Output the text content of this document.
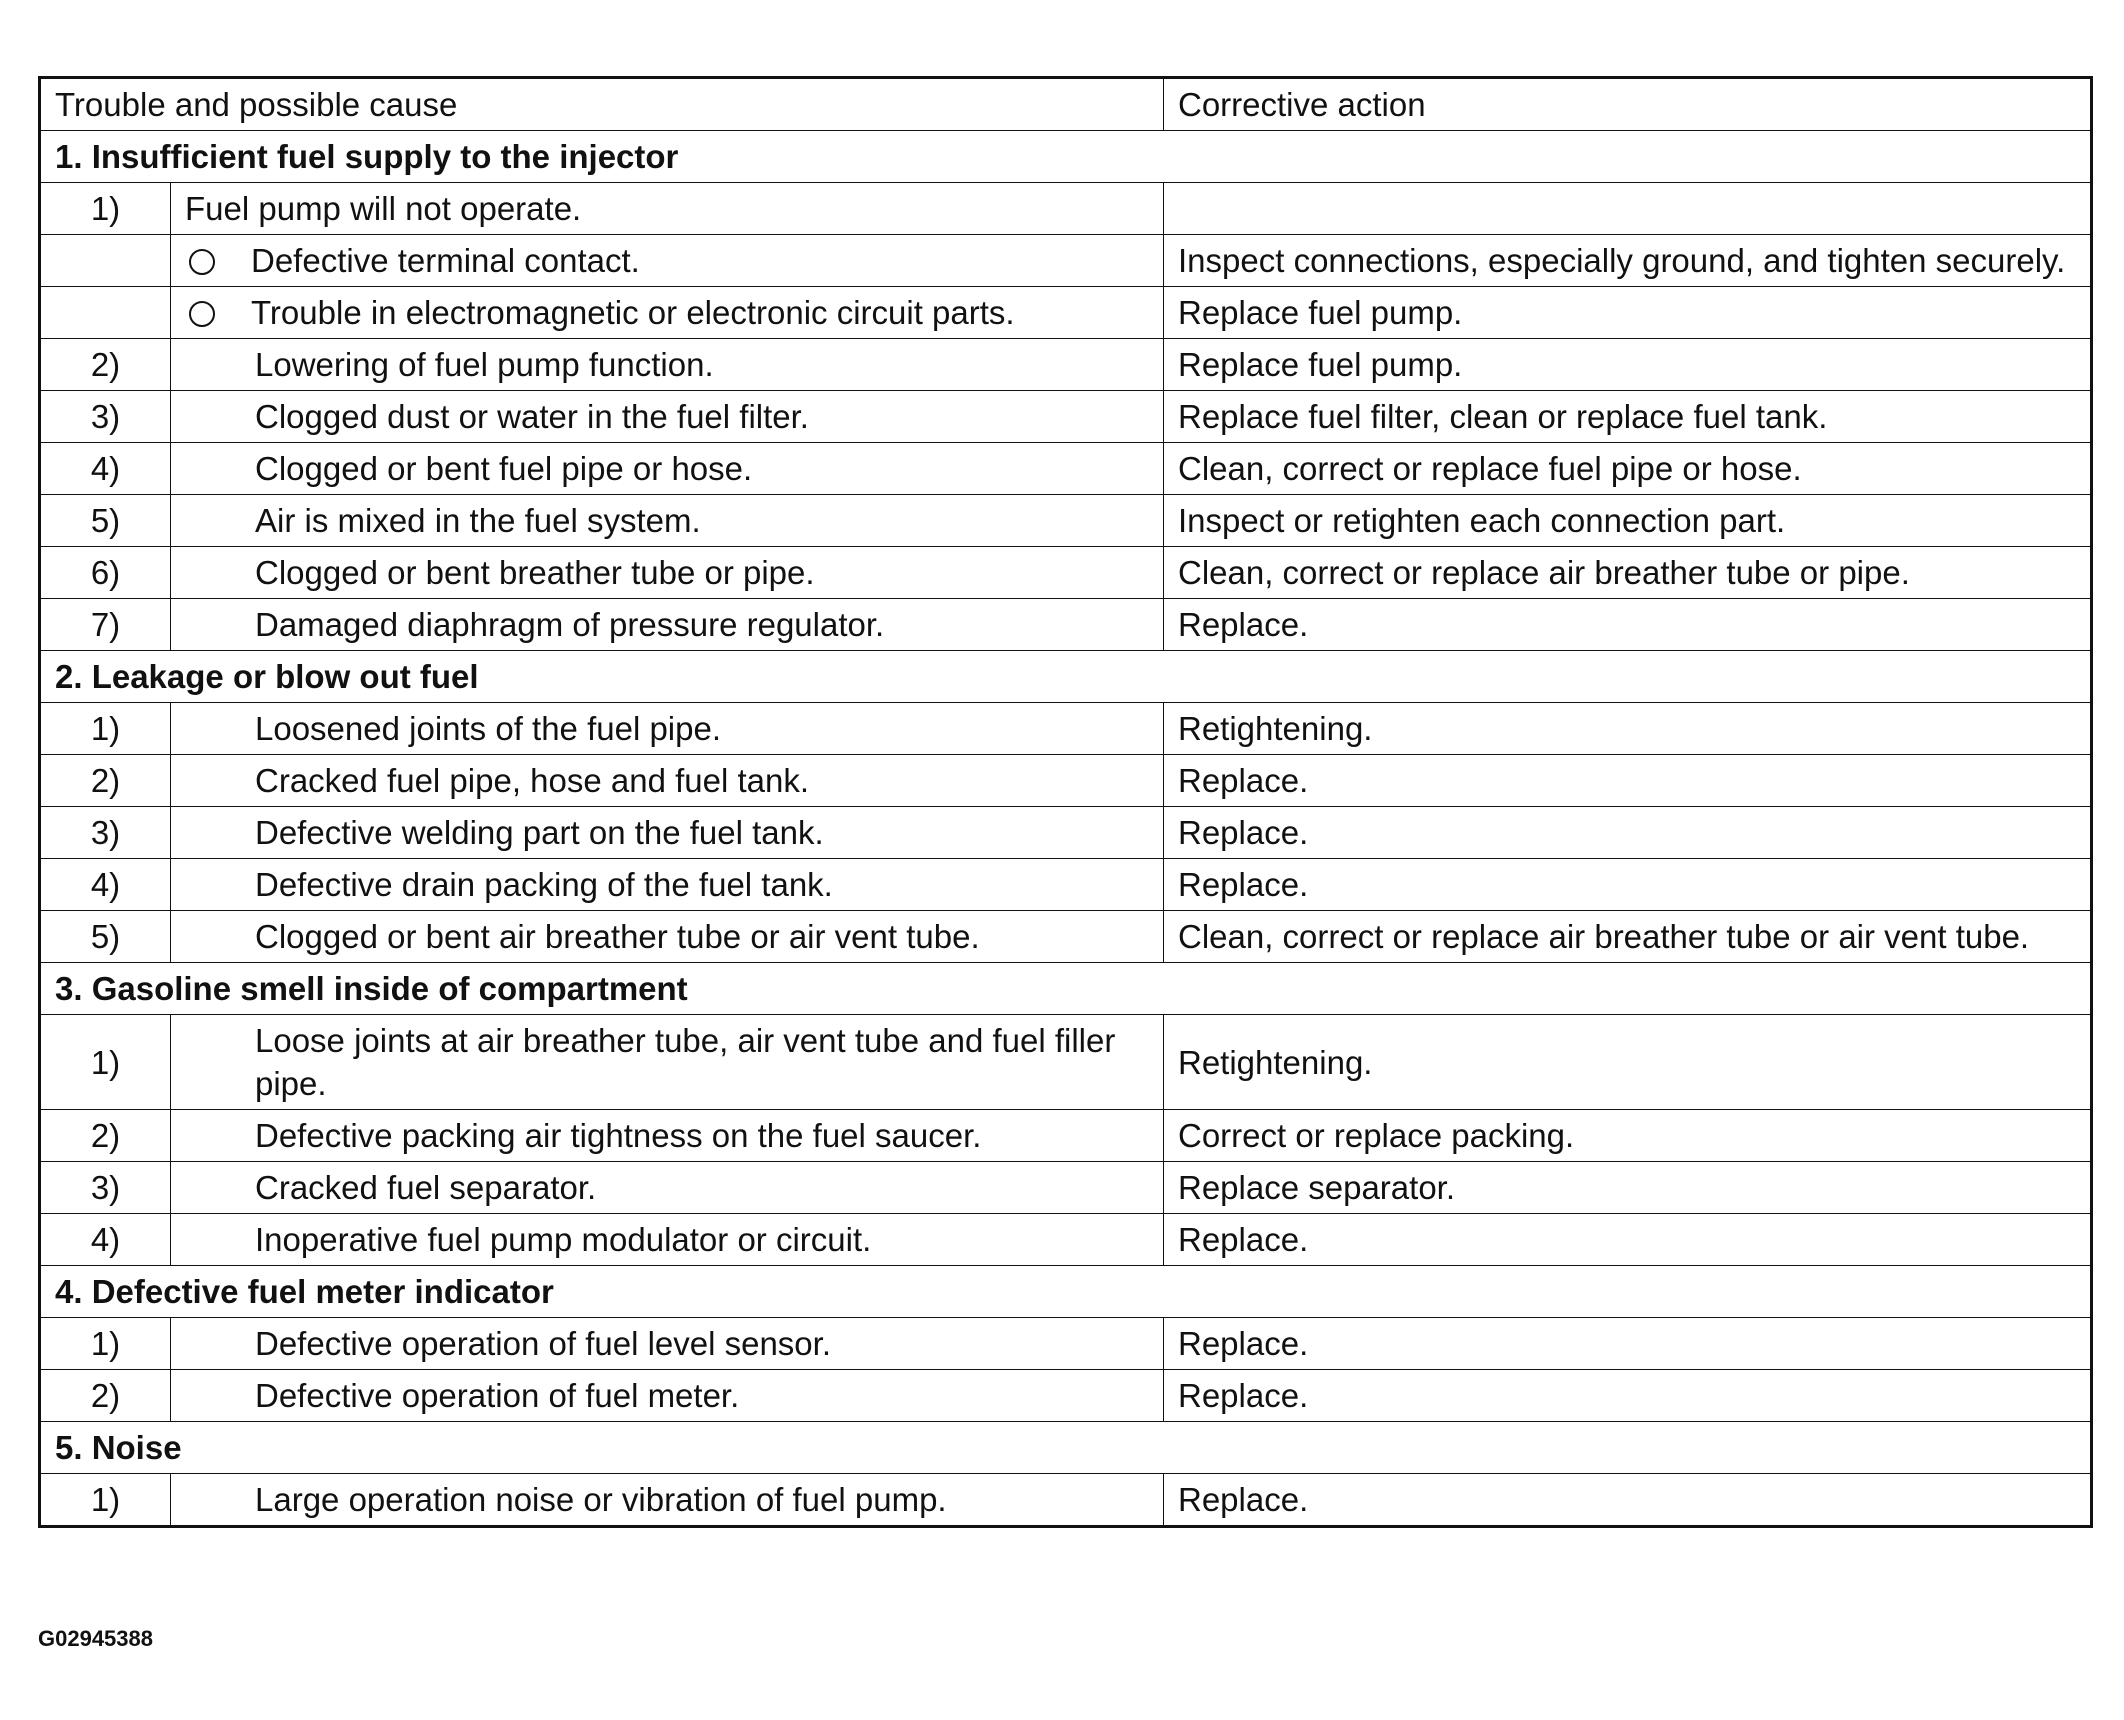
Trouble and possible cause		Corrective action
1. Insufficient fuel supply to the injector		
1)	Fuel pump will not operate.	
	Defective terminal contact.	Inspect connections, especially ground, and tighten securely.
	Trouble in electromagnetic or electronic circuit parts.	Replace fuel pump.
2)	Lowering of fuel pump function.	Replace fuel pump.
3)	Clogged dust or water in the fuel filter.	Replace fuel filter, clean or replace fuel tank.
4)	Clogged or bent fuel pipe or hose.	Clean, correct or replace fuel pipe or hose.
5)	Air is mixed in the fuel system.	Inspect or retighten each connection part.
6)	Clogged or bent breather tube or pipe.	Clean, correct or replace air breather tube or pipe.
7)	Damaged diaphragm of pressure regulator.	Replace.
2. Leakage or blow out fuel		
1)	Loosened joints of the fuel pipe.	Retightening.
2)	Cracked fuel pipe, hose and fuel tank.	Replace.
3)	Defective welding part on the fuel tank.	Replace.
4)	Defective drain packing of the fuel tank.	Replace.
5)	Clogged or bent air breather tube or air vent tube.	Clean, correct or replace air breather tube or air vent tube.
3. Gasoline smell inside of compartment		
1)	Loose joints at air breather tube, air vent tube and fuel filler pipe.	Retightening.
2)	Defective packing air tightness on the fuel saucer.	Correct or replace packing.
3)	Cracked fuel separator.	Replace separator.
4)	Inoperative fuel pump modulator or circuit.	Replace.
4. Defective fuel meter indicator		
1)	Defective operation of fuel level sensor.	Replace.
2)	Defective operation of fuel meter.	Replace.
5. Noise		
1)	Large operation noise or vibration of fuel pump.	Replace.
G02945388
